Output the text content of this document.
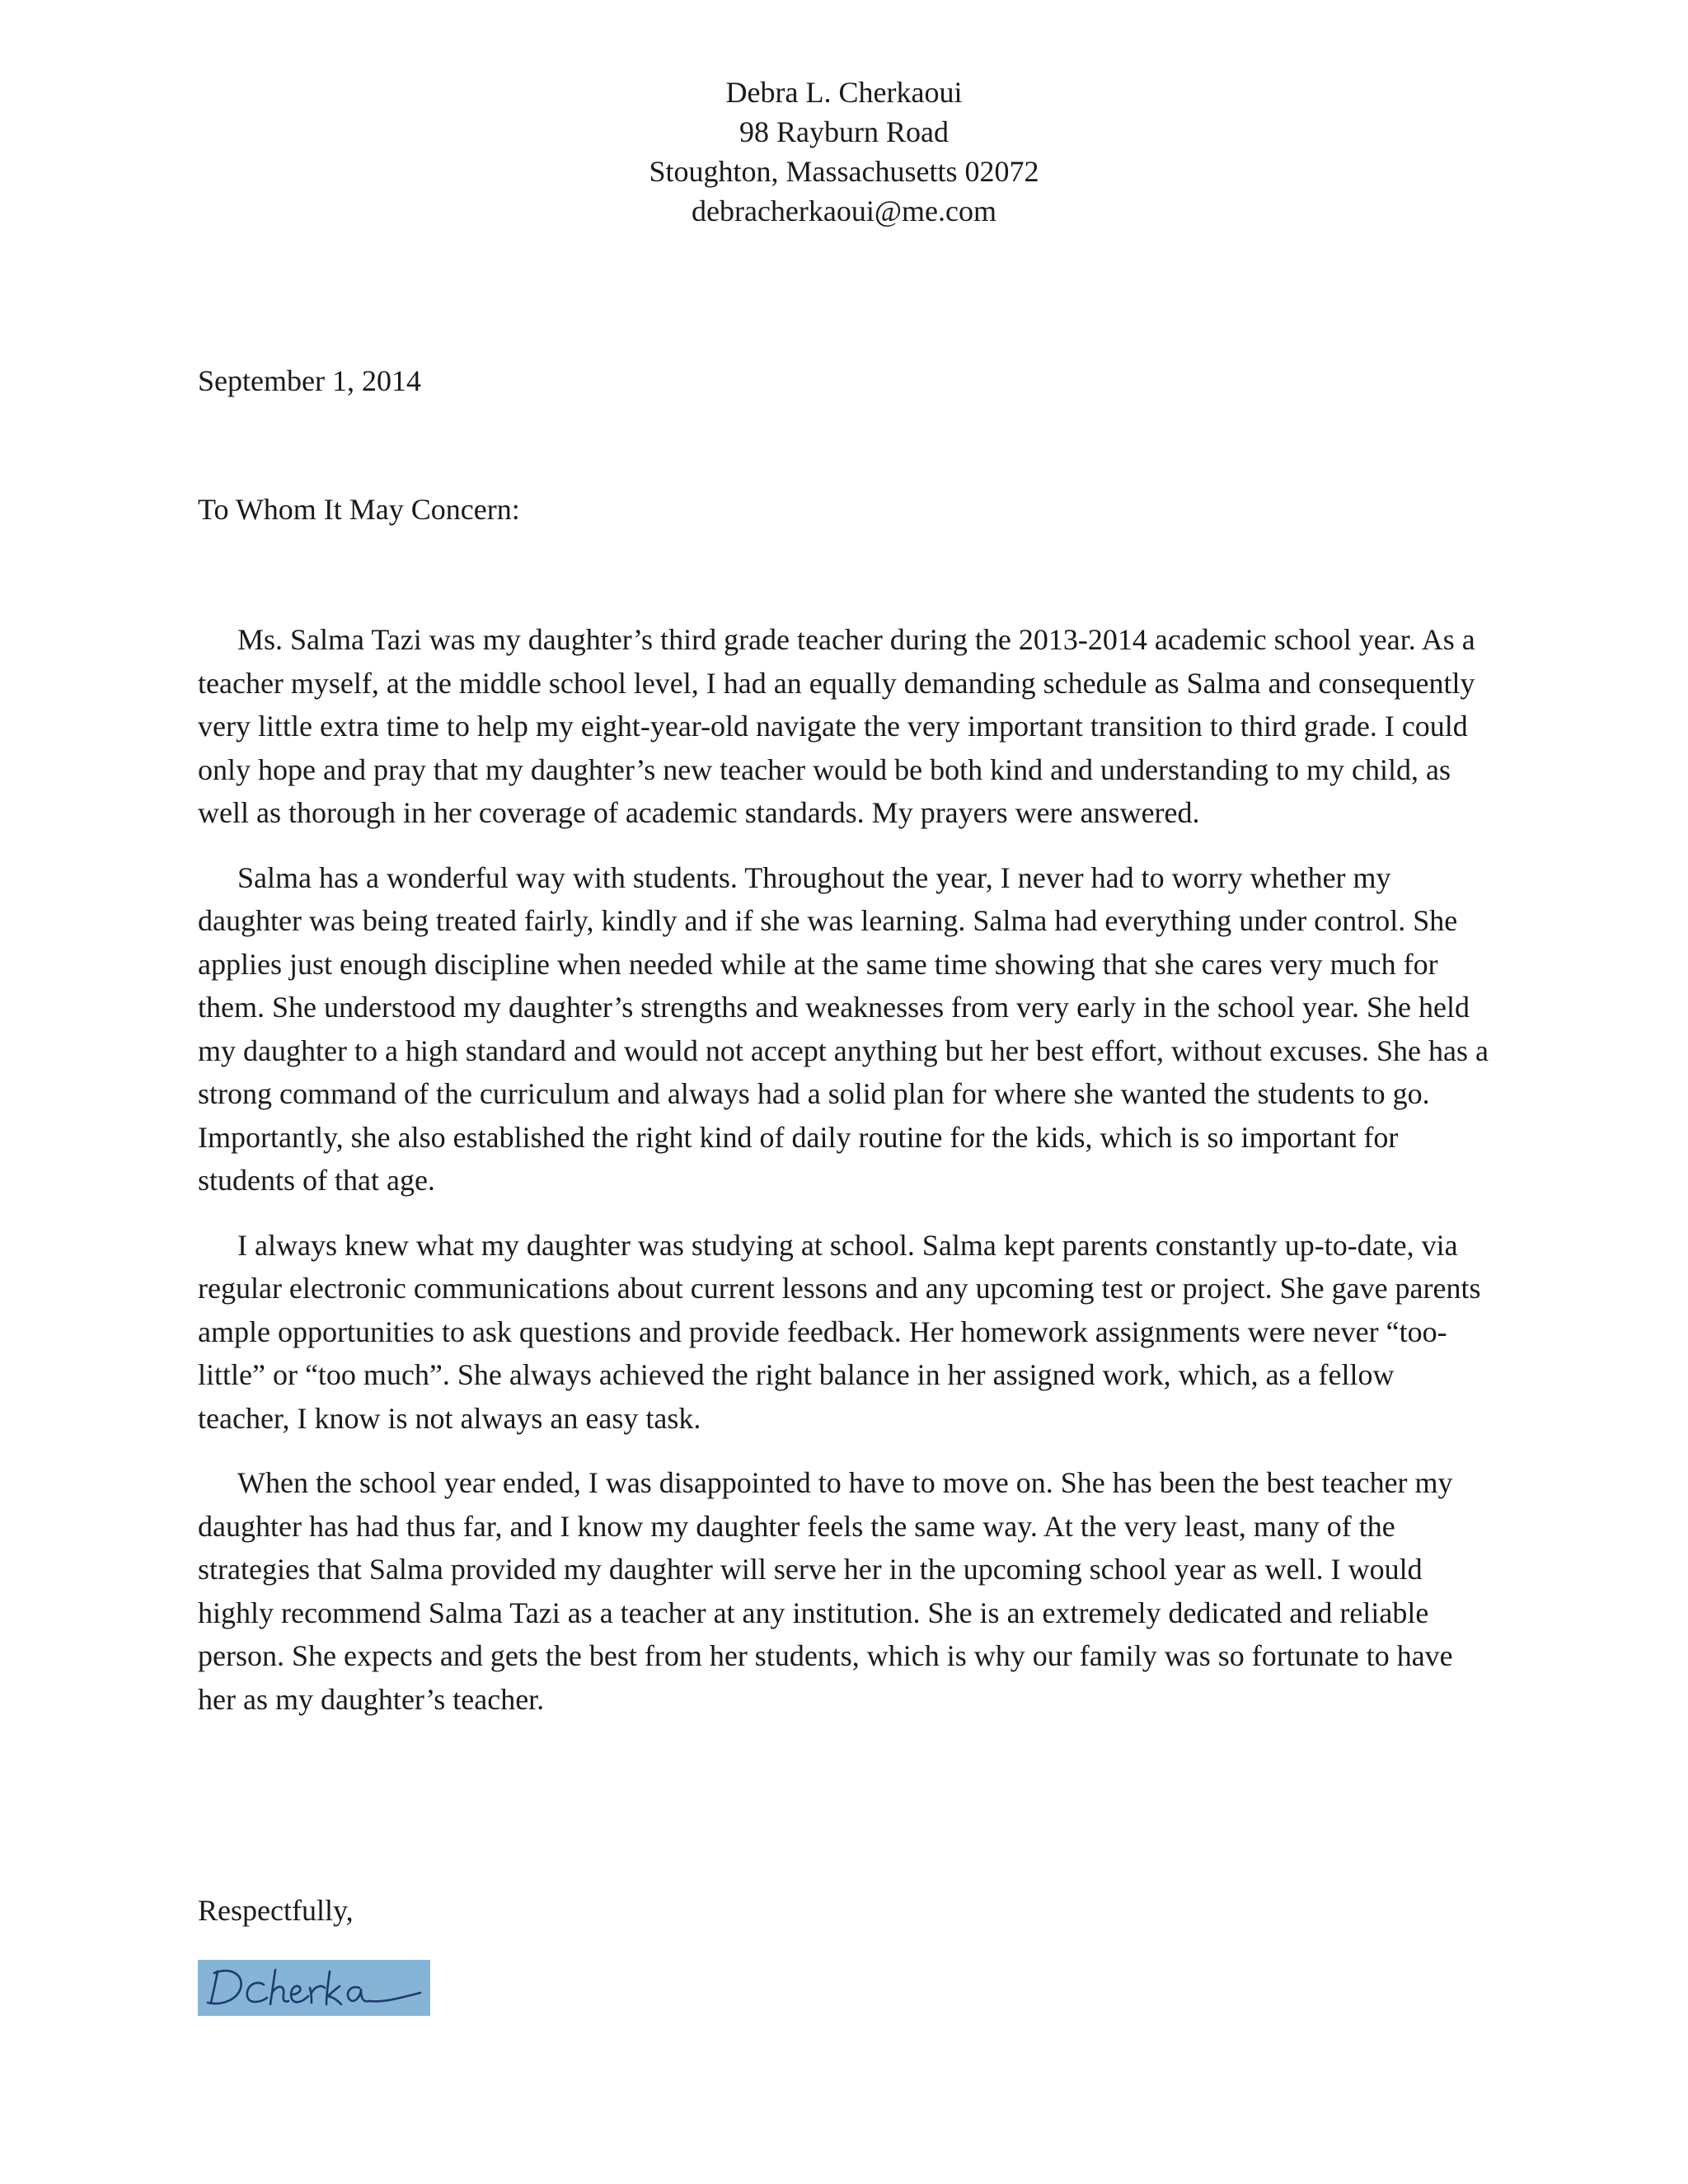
Debra L. Cherkaoui
98 Rayburn Road
Stoughton, Massachusetts 02072
debracherkaoui@me.com
September 1, 2014
To Whom It May Concern:

Ms. Salma Tazi was my daughter’s third grade teacher during the 2013-2014 academic school year. As a teacher myself, at the middle school level, I had an equally demanding schedule as Salma and consequently very little extra time to help my eight-year-old navigate the very important transition to third grade. I could only hope and pray that my daughter’s new teacher would be both kind and understanding to my child, as well as thorough in her coverage of academic standards. My prayers were answered.

Salma has a wonderful way with students. Throughout the year, I never had to worry whether my daughter was being treated fairly, kindly and if she was learning. Salma had everything under control. She applies just enough discipline when needed while at the same time showing that she cares very much for them. She understood my daughter’s strengths and weaknesses from very early in the school year. She held my daughter to a high standard and would not accept anything but her best effort, without excuses. She has a strong command of the curriculum and always had a solid plan for where she wanted the students to go. Importantly, she also established the right kind of daily routine for the kids, which is so important for students of that age.

I always knew what my daughter was studying at school. Salma kept parents constantly up-to-date, via regular electronic communications about current lessons and any upcoming test or project. She gave parents ample opportunities to ask questions and provide feedback. Her homework assignments were never “too-little” or “too much”. She always achieved the right balance in her assigned work, which, as a fellow teacher, I know is not always an easy task.

When the school year ended, I was disappointed to have to move on. She has been the best teacher my daughter has had thus far, and I know my daughter feels the same way. At the very least, many of the strategies that Salma provided my daughter will serve her in the upcoming school year as well. I would highly recommend Salma Tazi as a teacher at any institution. She is an extremely dedicated and reliable person. She expects and gets the best from her students, which is why our family was so fortunate to have her as my daughter’s teacher.

Respectfully,
